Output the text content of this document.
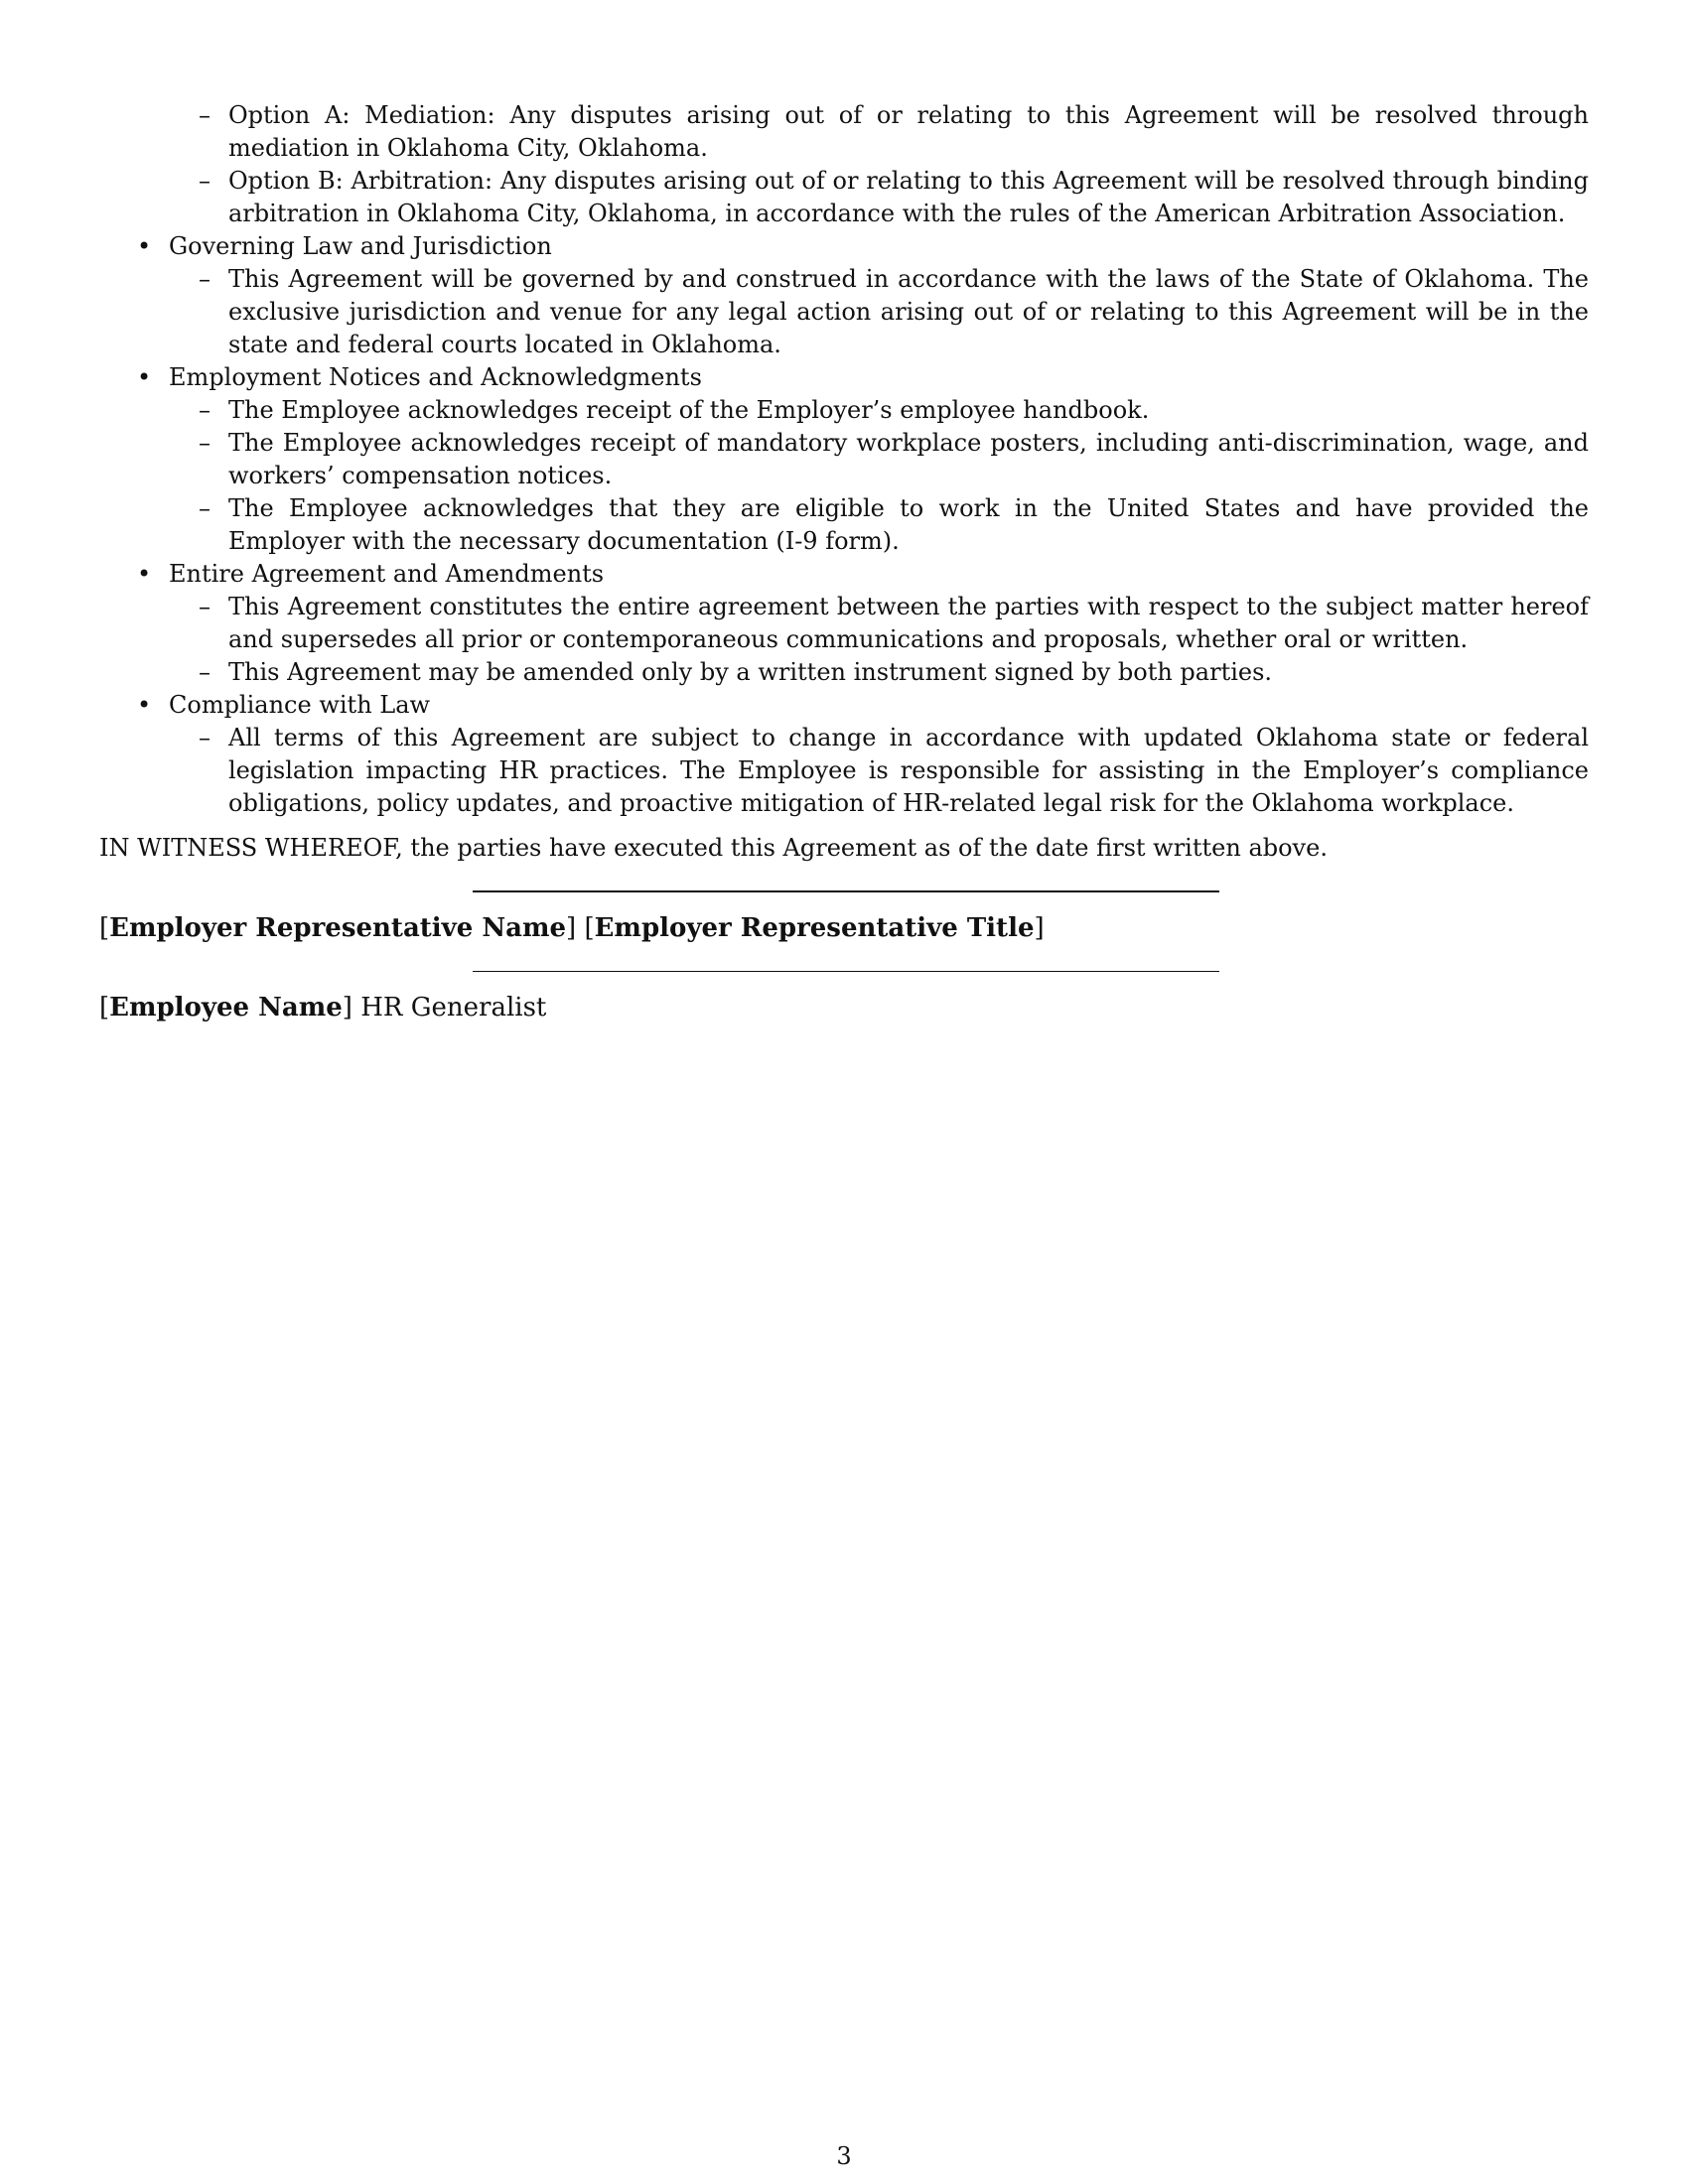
– Option A: Mediation: Any disputes arising out of or relating to this Agreement will be resolved through mediation in Oklahoma City, Oklahoma.
– Option B: Arbitration: Any disputes arising out of or relating to this Agreement will be resolved through binding arbitration in Oklahoma City, Oklahoma, in accordance with the rules of the American Arbitration Association.
• Governing Law and Jurisdiction
– This Agreement will be governed by and construed in accordance with the laws of the State of Oklahoma. The exclusive jurisdiction and venue for any legal action arising out of or relating to this Agreement will be in the state and federal courts located in Oklahoma.
• Employment Notices and Acknowledgments
– The Employee acknowledges receipt of the Employer’s employee handbook.
– The Employee acknowledges receipt of mandatory workplace posters, including anti-discrimination, wage, and workers’ compensation notices.
– The Employee acknowledges that they are eligible to work in the United States and have provided the Employer with the necessary documentation (I-9 form).
• Entire Agreement and Amendments
– This Agreement constitutes the entire agreement between the parties with respect to the subject matter hereof and supersedes all prior or contemporaneous communications and proposals, whether oral or written.
– This Agreement may be amended only by a written instrument signed by both parties.
• Compliance with Law
– All terms of this Agreement are subject to change in accordance with updated Oklahoma state or federal legislation impacting HR practices. The Employee is responsible for assisting in the Employer’s compliance obligations, policy updates, and proactive mitigation of HR-related legal risk for the Oklahoma workplace.

IN WITNESS WHEREOF, the parties have executed this Agreement as of the date first written above.

[Employer Representative Name] [Employer Representative Title]
[Employee Name] HR Generalist
3
